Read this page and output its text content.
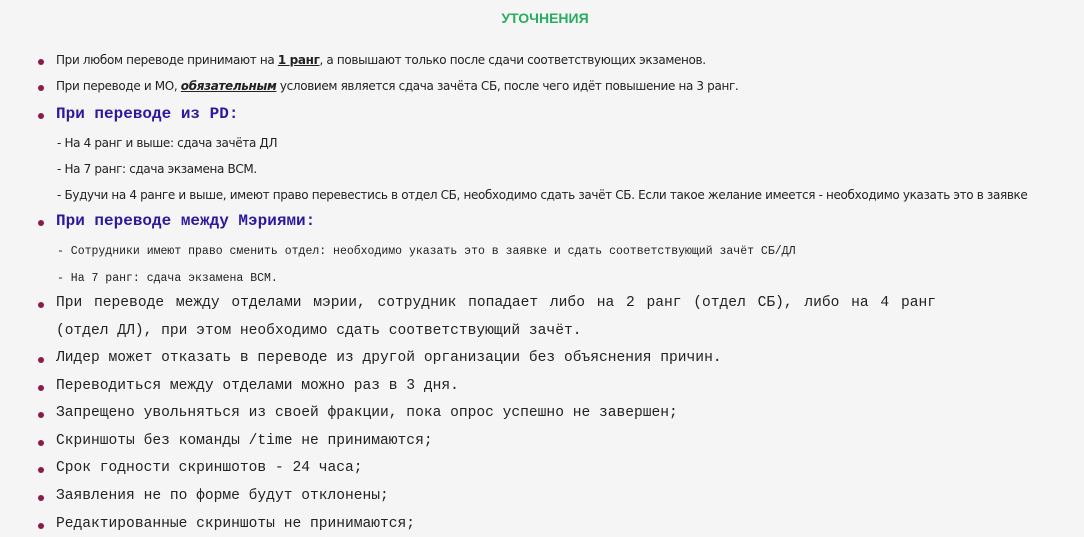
УТОЧНЕНИЯ
При любом переводе принимают на 1 ранг, а повышают только после сдачи соответствующих экзаменов.
При переводе и МО, обязательным условием является сдача зачёта СБ, после чего идёт повышение на 3 ранг.
При переводе из PD:
- На 4 ранг и выше: сдача зачёта ДЛ
- На 7 ранг: сдача экзамена ВСМ.
- Будучи на 4 ранге и выше, имеют право перевестись в отдел СБ, необходимо сдать зачёт СБ. Если такое желание имеется - необходимо указать это в заявке
При переводе между Мэриями:
- Сотрудники имеют право сменить отдел: необходимо указать это в заявке и сдать соответствующий зачёт СБ/ДЛ
- На 7 ранг: сдача экзамена ВСМ.
При переводе между отделами мэрии, сотрудник попадает либо на 2 ранг (отдел СБ), либо на 4 ранг
(отдел ДЛ), при этом необходимо сдать соответствующий зачёт.
Лидер может отказать в переводе из другой организации без объяснения причин.
Переводиться между отделами можно раз в 3 дня.
Запрещено увольняться из своей фракции, пока опрос успешно не завершен;
Скриншоты без команды /time не принимаются;
Срок годности скриншотов - 24 часа;
Заявления не по форме будут отклонены;
Редактированные скриншоты не принимаются;
